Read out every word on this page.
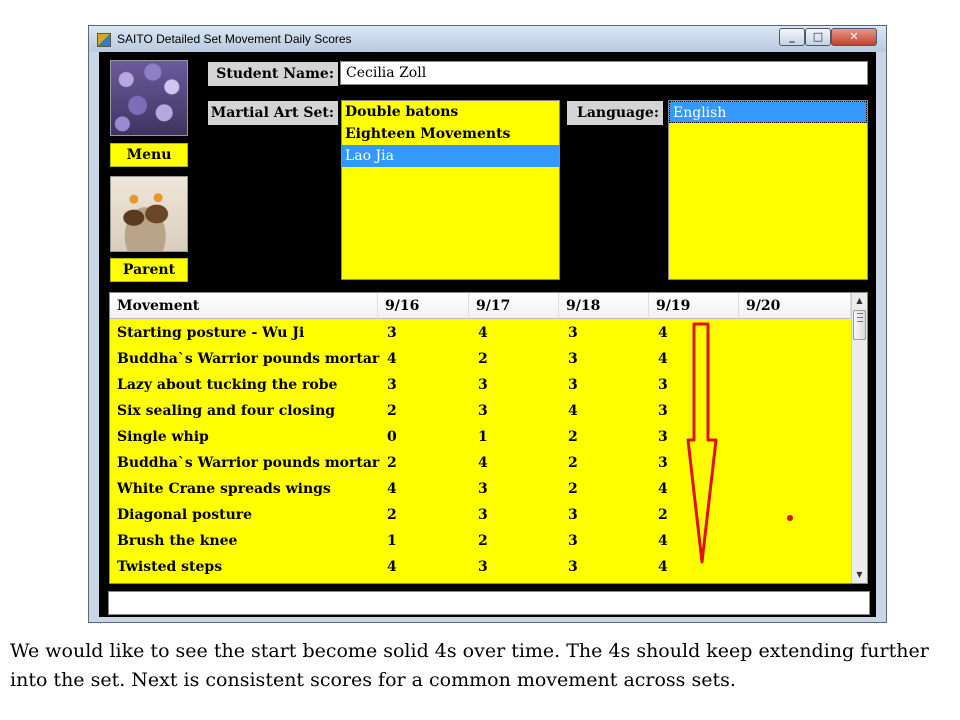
SAITO Detailed Set Movement Daily Scores	_	□	✕
Menu
Parent
Student Name: Cecilia Zoll
Martial Art Set: Double batons
Eighteen Movements
Lao Jia
Language: English
Movement	9/16	9/17	9/18	9/19	9/20
Starting posture - Wu Ji	3	4	3	4
Buddha`s Warrior pounds mortar 4	2	3	4
Lazy about tucking the robe	3	3	3	3
Six sealing and four closing	2	3	4	3
Single whip	0	1	2	3
Buddha`s Warrior pounds mortar 2	4	2	3
White Crane spreads wings	4	3	2	4
Diagonal posture	2	3	3	2
Brush the knee	1	2	3	4
Twisted steps	4	3	3	4
▲
▼

We would like to see the start become solid 4s over time. The 4s should keep extending further into the set. Next is consistent scores for a common movement across sets.
